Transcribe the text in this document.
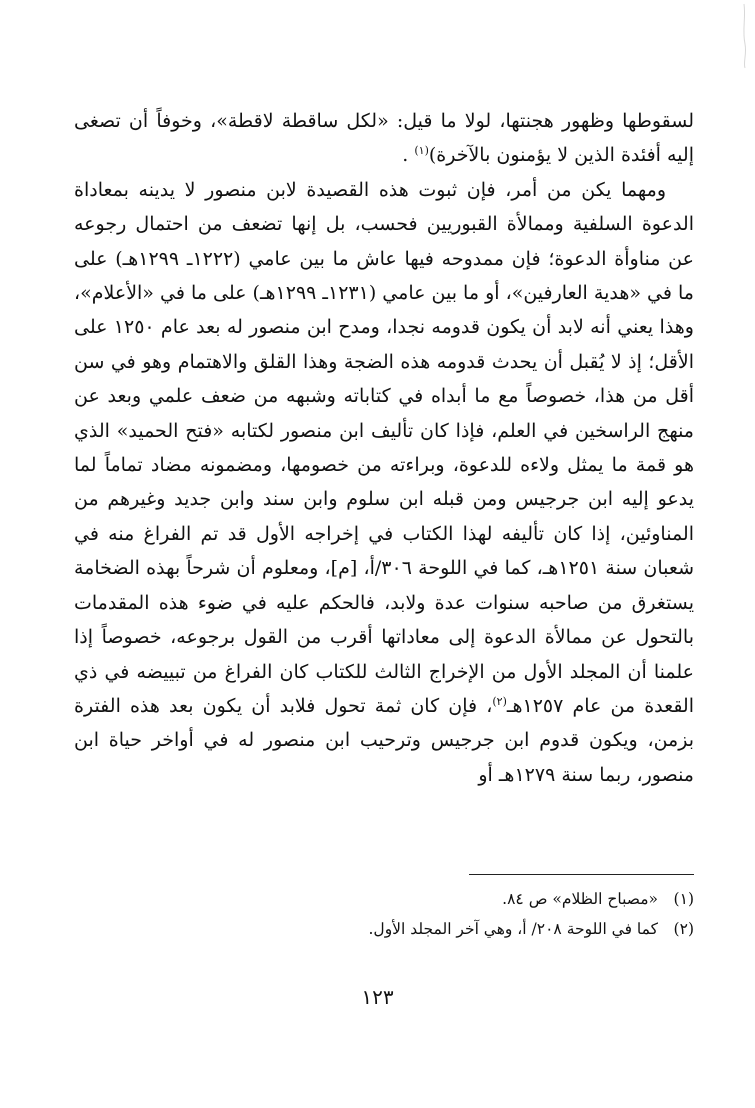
لسقوطها وظهور هجنتها، لولا ما قيل: «لكل ساقطة لاقطة»، وخوفاً أن تصغى إليه أفئدة الذين لا يؤمنون بالآخرة)$^{(١)}$ .

ومهما يكن من أمر، فإن ثبوت هذه القصيدة لابن منصور لا يدينه بمعاداة الدعوة السلفية وممالأة القبوريين فحسب، بل إنها تضعف من احتمال رجوعه عن مناوأة الدعوة؛ فإن ممدوحه فيها عاش ما بين عامي (١٢٢٢ـ ١٢٩٩هـ) على ما في «هدية العارفين»، أو ما بين عامي (١٢٣١ـ ١٢٩٩هـ) على ما في «الأعلام»، وهذا يعني أنه لابد أن يكون قدومه نجدا، ومدح ابن منصور له بعد عام ١٢٥٠ على الأقل؛ إذ لا يُقبل أن يحدث قدومه هذه الضجة وهذا القلق والاهتمام وهو في سن أقل من هذا، خصوصاً مع ما أبداه في كتاباته وشبهه من ضعف علمي وبعد عن منهج الراسخين في العلم، فإذا كان تأليف ابن منصور لكتابه «فتح الحميد» الذي هو قمة ما يمثل ولاءه للدعوة، وبراءته من خصومها، ومضمونه مضاد تماماً لما يدعو إليه ابن جرجيس ومن قبله ابن سلوم وابن سند وابن جديد وغيرهم من المناوئين، إذا كان تأليفه لهذا الكتاب في إخراجه الأول قد تم الفراغ منه في شعبان سنة ١٢٥١هـ، كما في اللوحة ٣٠٦/أ، [م]، ومعلوم أن شرحاً بهذه الضخامة يستغرق من صاحبه سنوات عدة ولابد، فالحكم عليه في ضوء هذه المقدمات بالتحول عن ممالأة الدعوة إلى معاداتها أقرب من القول برجوعه، خصوصاً إذا علمنا أن المجلد الأول من الإخراج الثالث للكتاب كان الفراغ من تبييضه في ذي القعدة من عام ١٢٥٧هـ$^{(٢)}$، فإن كان ثمة تحول فلابد أن يكون بعد هذه الفترة بزمن، ويكون قدوم ابن جرجيس وترحيب ابن منصور له في أواخر حياة ابن منصور، ربما سنة ١٢٧٩هـ أو

(١)
«مصباح الظلام» ص ٨٤.

(٢)
كما في اللوحة ٢٠٨/ أ، وهي آخر المجلد الأول.

١٢٣
